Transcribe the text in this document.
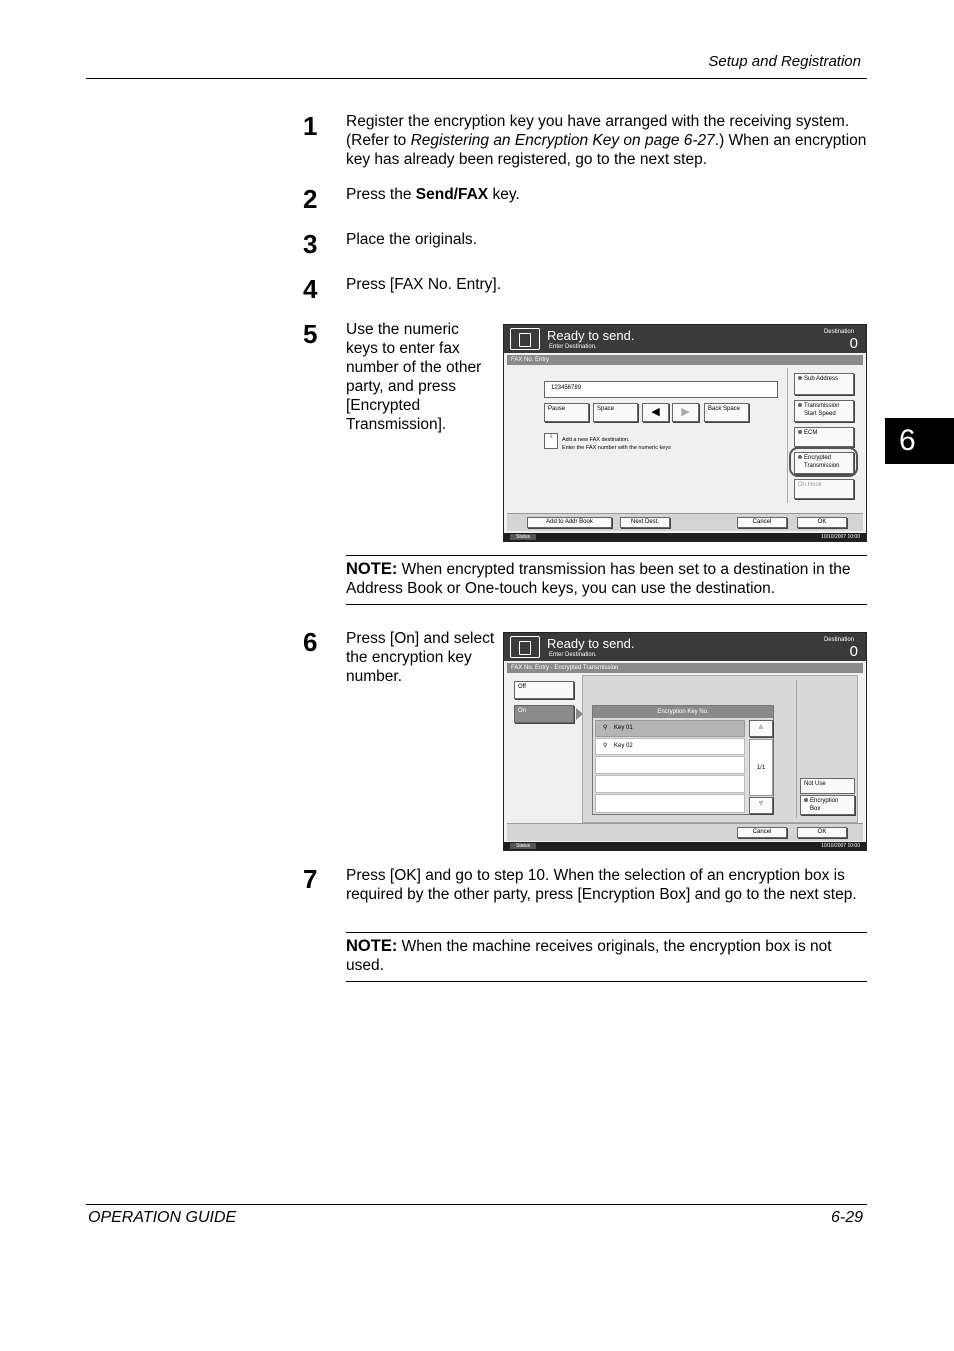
Setup and Registration
6
1	Register the encryption key you have arranged with the receiving system. (Refer to Registering an Encryption Key on page 6-27.) When an encryption key has already been registered, go to the next step.
2	Press the Send/FAX key.
3	Place the originals.
4	Press [FAX No. Entry].
5	Use the numeric keys to enter fax number of the other party, and press [Encrypted Transmission].
Ready to send.
Enter Destination.
Destination
0
FAX No. Entry
123456789
Pause	Space	◀	▶	Back Space
i	Add a new FAX destination.
Enter the FAX number with the numeric keys
Sub Address
Transmission
Start Speed
ECM
Encrypted
Transmission
On Hook
Add to Addr Book	Next Dest.	Cancel	OK
Status	10/10/2007 10:00
NOTE: When encrypted transmission has been set to a destination in the Address Book or One-touch keys, you can use the destination.
6	Press [On] and select the encryption key number.
Ready to send.
Enter Destination.
Destination
0
FAX No. Entry - Encrypted Transmission
Off
On	Encryption Key No.
⚲ Key 01
⚲ Key 02
▲
1/1
▼
Not Use
Encryption
Box
Cancel	OK
Status	10/10/2007 10:00
7	Press [OK] and go to step 10. When the selection of an encryption box is required by the other party, press [Encryption Box] and go to the next step.
NOTE: When the machine receives originals, the encryption box is not used.
OPERATION GUIDE	6-29
